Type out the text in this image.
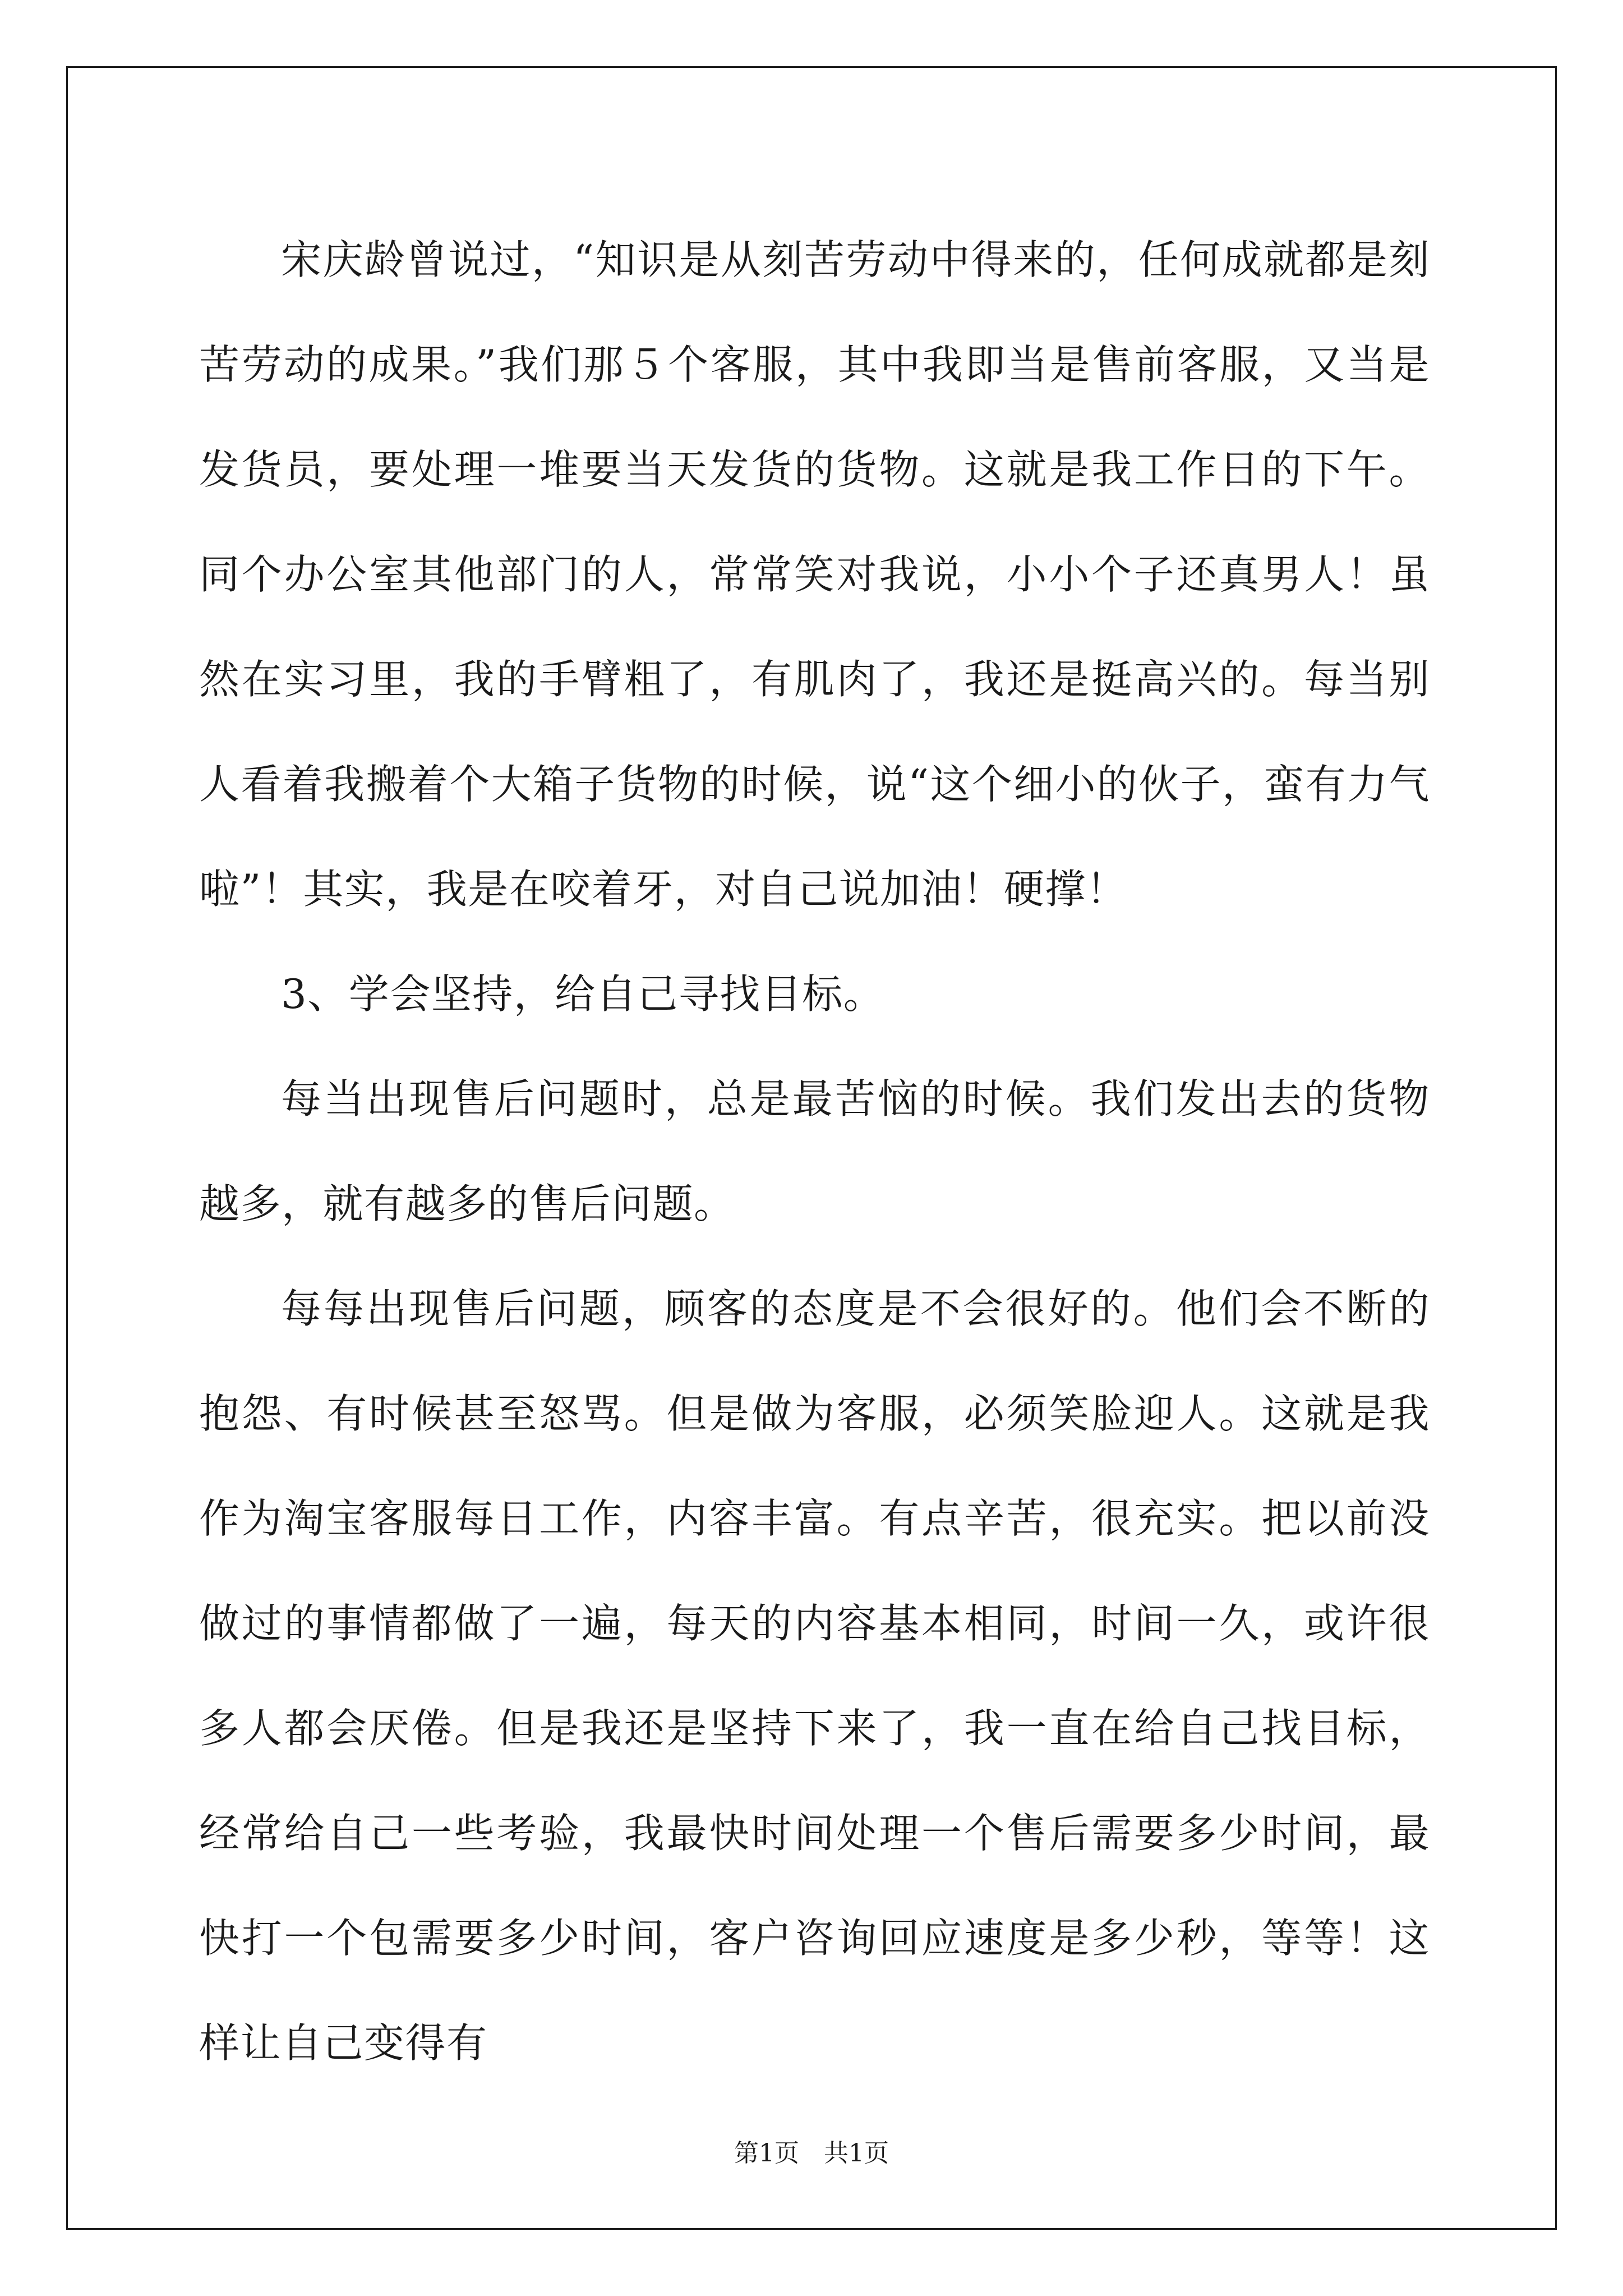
宋庆龄曾说过，“知识是从刻苦劳动中得来的，任何成就都是刻苦劳动的成果。”我们那５个客服，其中我即当是售前客服，又当是发货员，要处理一堆要当天发货的货物。这就是我工作日的下午。同个办公室其他部门的人，常常笑对我说，小小个子还真男人！虽然在实习里，我的手臂粗了，有肌肉了，我还是挺高兴的。每当别人看着我搬着个大箱子货物的时候，说“这个细小的伙子，蛮有力气啦”！其实，我是在咬着牙，对自己说加油！硬撑！

3、学会坚持，给自己寻找目标。

每当出现售后问题时，总是最苦恼的时候。我们发出去的货物越多，就有越多的售后问题。

每每出现售后问题，顾客的态度是不会很好的。他们会不断的抱怨、有时候甚至怒骂。但是做为客服，必须笑脸迎人。这就是我作为淘宝客服每日工作，内容丰富。有点辛苦，很充实。把以前没做过的事情都做了一遍，每天的内容基本相同，时间一久，或许很多人都会厌倦。但是我还是坚持下来了，我一直在给自己找目标，经常给自己一些考验，我最快时间处理一个售后需要多少时间，最快打一个包需要多少时间，客户咨询回应速度是多少秒，等等！这样让自己变得有

第1页　共1页
